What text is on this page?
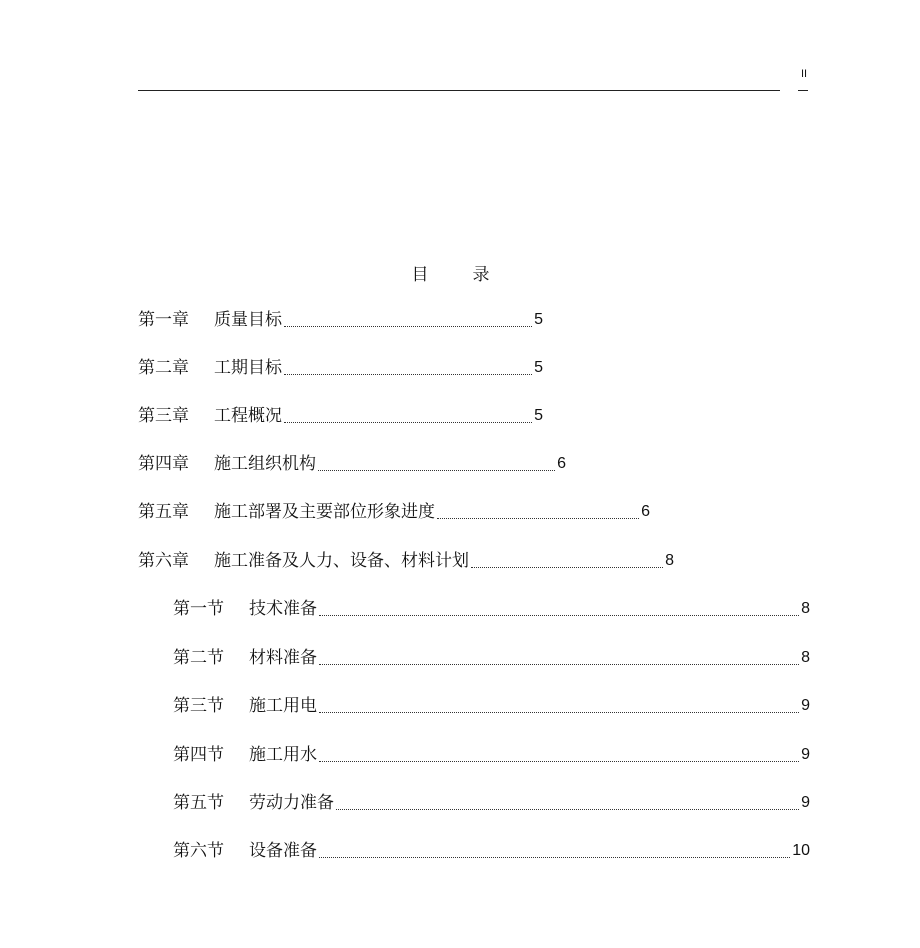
II
目录
第一章	质量目标	5
第二章	工期目标	5
第三章	工程概况	5
第四章	施工组织机构	6
第五章	施工部署及主要部位形象进度	6
第六章	施工准备及人力、设备、材料计划	8
第一节	技术准备	8
第二节	材料准备	8
第三节	施工用电	9
第四节	施工用水	9
第五节	劳动力准备	9
第六节	设备准备	10
